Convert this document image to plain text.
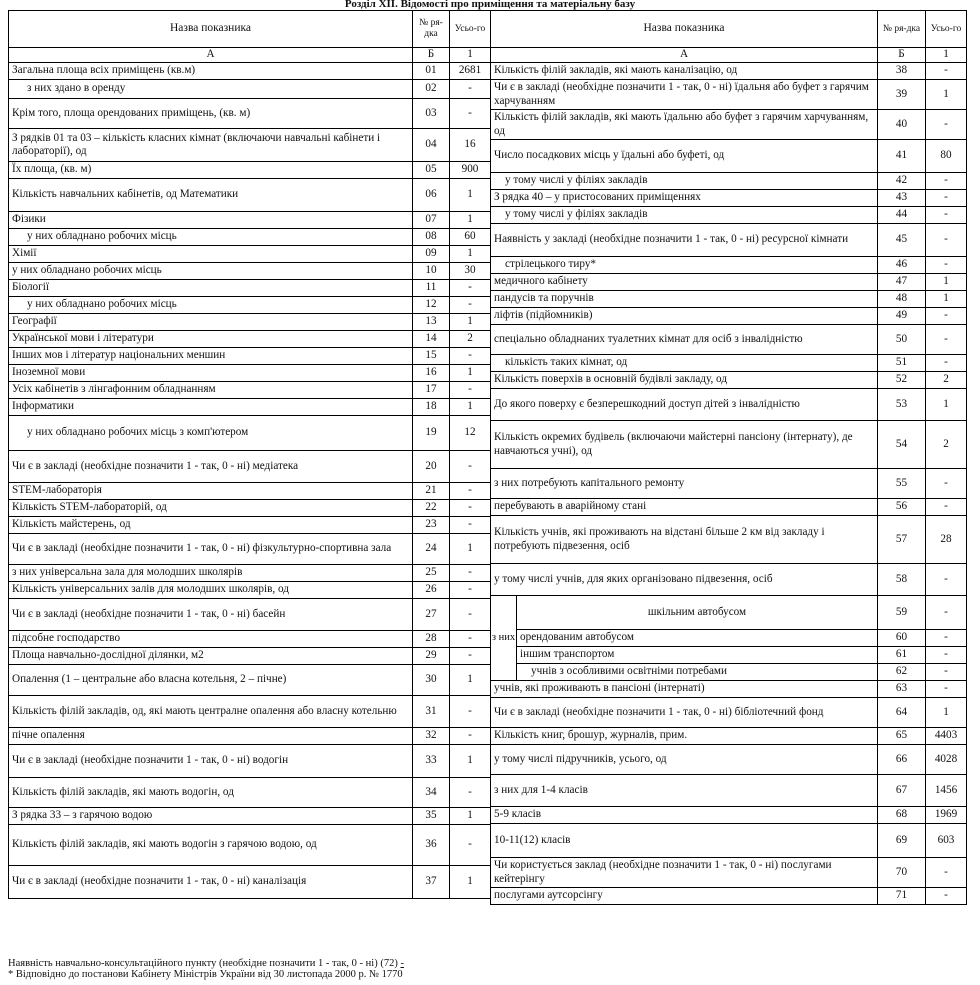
Розділ XII. Відомості про приміщення та матеріальну базу
Назва показника	№ ря-дка	Усьо-го
А	Б	1
Загальна площа всіх приміщень (кв.м)	01	2681
з них здано в оренду	02	-
Крім того, площа орендованих приміщень, (кв. м)	03	-
З рядків 01 та 03 – кількість класних кімнат (включаючи навчальні кабінети і лабораторії), од	04	16
Їх площа, (кв. м)	05	900
Кількість навчальних кабінетів, од Математики	06	1
Фізики	07	1
у них обладнано робочих місць	08	60
Хімії	09	1
у них обладнано робочих місць	10	30
Біології	11	-
у них обладнано робочих місць	12	-
Географії	13	1
Української мови і літератури	14	2
Інших мов і літератур національних меншин	15	-
Іноземної мови	16	1
Усіх кабінетів з лінгафонним обладнанням	17	-
Інформатики	18	1
у них обладнано робочих місць з комп'ютером	19	12
Чи є в закладі (необхідне позначити 1 - так, 0 - ні) медіатека	20	-
STEM-лабораторія	21	-
Кількість STEM-лабораторій, од	22	-
Кількість майстерень, од	23	-
Чи є в закладі (необхідне позначити 1 - так, 0 - ні) фізкультурно-спортивна зала	24	1
з них універсальна зала для молодших школярів	25	-
Кількість універсальних залів для молодших школярів, од	26	-
Чи є в закладі (необхідне позначити 1 - так, 0 - ні) басейн	27	-
підсобне господарство	28	-
Площа навчально-дослідної ділянки, м2	29	-
Опалення (1 – центральне або власна котельня, 2 – пічне)	30	1
Кількість філій закладів, од, які мають централне опалення або власну котельню	31	-
пічне опалення	32	-
Чи є в закладі (необхідне позначити 1 - так, 0 - ні) водогін	33	1
Кількість філій закладів, які мають водогін, од	34	-
З рядка 33 – з гарячою водою	35	1
Кількість філій закладів, які мають водогін з гарячою водою, од	36	-
Чи є в закладі (необхідне позначити 1 - так, 0 - ні) каналізація	37	1
Назва показника		№ ря-дка	Усьо-го
А		Б	1
Кількість філій закладів, які мають каналізацію, од		38	-
Чи є в закладі (необхідне позначити 1 - так, 0 - ні) їдальня або буфет з гарячим харчуванням		39	1
Кількість філій закладів, які мають їдальню або буфет з гарячим харчуванням, од		40	-
Число посадкових місць у їдальні або буфеті, од		41	80
у тому числі у філіях закладів		42	-
З рядка 40 – у пристосованих приміщеннях		43	-
у тому числі у філіях закладів		44	-
Наявність у закладі (необхідне позначити 1 - так, 0 - ні) ресурсної кімнати		45	-
стрілецького тиру*		46	-
медичного кабінету		47	1
пандусів та поручнів		48	1
ліфтів (підйомників)		49	-
спеціально обладнаних туалетних кімнат для осіб з інвалідністю		50	-
кількість таких кімнат, од		51	-
Кількість поверхів в основній будівлі закладу, од		52	2
До якого поверху є безперешкодний доступ дітей з інвалідністю		53	1
Кількість окремих будівель (включаючи майстерні пансіону (інтернату), де навчаються учні), од		54	2
з них потребують капітального ремонту		55	-
перебувають в аварійному стані		56	-
Кількість учнів, які проживають на відстані більше 2 км від закладу і потребують підвезення, осіб		57	28
у тому числі учнів, для яких організовано підвезення, осіб		58	-
з них	шкільним автобусом	59	-
	орендованим автобусом	60	-
	іншим транспортом	61	-
	учнів з особливими освітніми потребами	62	-
учнів, які проживають в пансіоні (інтернаті)		63	-
Чи є в закладі (необхідне позначити 1 - так, 0 - ні) бібліотечний фонд		64	1
Кількість книг, брошур, журналів, прим.		65	4403
у тому числі підручників, усього, од		66	4028
з них для 1-4 класів		67	1456
5-9 класів		68	1969
10-11(12) класів		69	603
Чи користується заклад (необхідне позначити 1 - так, 0 - ні) послугами кейтерінгу		70	-
послугами аутсорсінгу		71	-
Наявність навчально-консультаційного пункту (необхідне позначити 1 - так, 0 - ні) (72) -
* Відповідно до постанови Кабінету Міністрів України від 30 листопада 2000 р. № 1770
